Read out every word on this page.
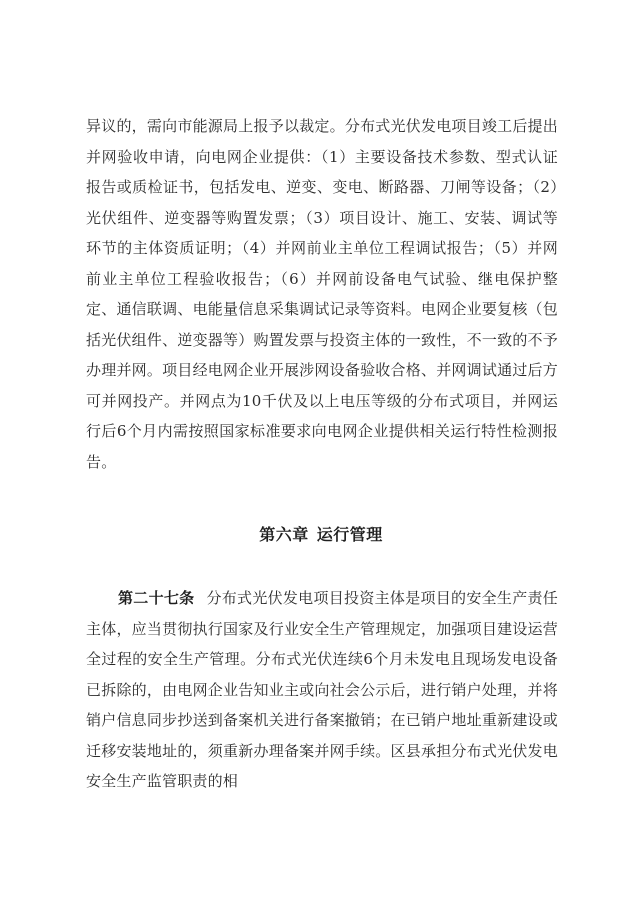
异议的，需向市能源局上报予以裁定。分布式光伏发电项目竣工后提出并网验收申请，向电网企业提供：（1）主要设备技术参数、型式认证报告或质检证书，包括发电、逆变、变电、断路器、刀闸等设备；（2）光伏组件、逆变器等购置发票；（3）项目设计、施工、安装、调试等环节的主体资质证明；（4）并网前业主单位工程调试报告；（5）并网前业主单位工程验收报告；（6）并网前设备电气试验、继电保护整定、通信联调、电能量信息采集调试记录等资料。电网企业要复核（包括光伏组件、逆变器等）购置发票与投资主体的一致性，不一致的不予办理并网。项目经电网企业开展涉网设备验收合格、并网调试通过后方可并网投产。并网点为10千伏及以上电压等级的分布式项目，并网运行后6个月内需按照国家标准要求向电网企业提供相关运行特性检测报告。

第六章 运行管理

第二十七条 分布式光伏发电项目投资主体是项目的安全生产责任主体，应当贯彻执行国家及行业安全生产管理规定，加强项目建设运营全过程的安全生产管理。分布式光伏连续6个月未发电且现场发电设备已拆除的，由电网企业告知业主或向社会公示后，进行销户处理，并将销户信息同步抄送到备案机关进行备案撤销；在已销户地址重新建设或迁移安装地址的，须重新办理备案并网手续。区县承担分布式光伏发电安全生产监管职责的相
